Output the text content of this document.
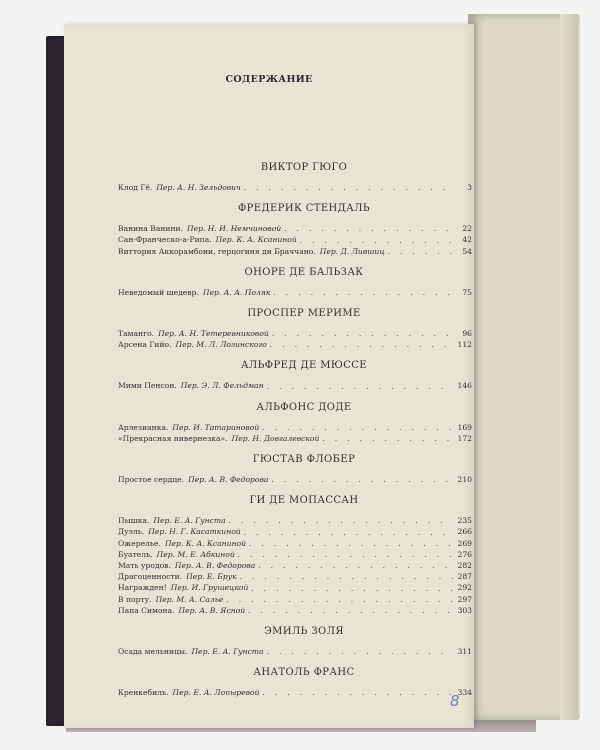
СОДЕРЖАНИЕ
ВИКТОР ГЮГО
Клод Гё. Пер. А. Н. Зельдович . . .	3
ФРЕДЕРИК СТЕНДАЛЬ
Ванина Ванини. Пер. Н. И. Немчиновой . . .	22
Сан-Франческо-а-Рипа. Пер. К. А. Ксаниной . . .	42
Виттория Аккорамбони, герцогиня ди Браччано. Пер. Д. Лившиц . . .	54
ОНОРЕ ДЕ БАЛЬЗАК
Неведомый шедевр. Пер. А. А. Поляк . . .	75
ПРОСПЕР МЕРИМЕ
Таманго. Пер. А. Н. Тетеревниковой . . .	96
Арсена Гийо. Пер. М. Л. Лозинского . . .	112
АЛЬФРЕД ДЕ МЮССЕ
Мими Пенсон. Пер. Э. Л. Фельдман . . .	146
АЛЬФОНС ДОДЕ
Арлезианка. Пер. И. Татариновой . . .	169
«Прекрасная нивернезка». Пер. Н. Довгалевской . . .	172
ГЮСТАВ ФЛОБЕР
Простое сердце. Пер. А. В. Федорова . . .	210
ГИ ДЕ МОПАССАН
Пышка. Пер. Е. А. Гунста . . .	235
Дуэль. Пер. Н. Г. Касаткиной . . .	266
Ожерелье. Пер. К. А. Ксаниной . . .	269
Буатель. Пер. М. Е. Абкиной . . .	276
Мать уродов. Пер. А. В. Федорова . . .	282
Драгоценности. Пер. Е. Брук . . .	287
Награжден! Пер. И. Грушецкой . . .	292
В порту. Пер. М. А. Салье . . .	297
Папа Симона. Пер. А. В. Ясной . . .	303
ЭМИЛЬ ЗОЛЯ
Осада мельницы. Пер. Е. А. Гунста . . .	311
АНАТОЛЬ ФРАНС
Кренкебиль. Пер. Е. А. Лопыревой . . .	334
8
